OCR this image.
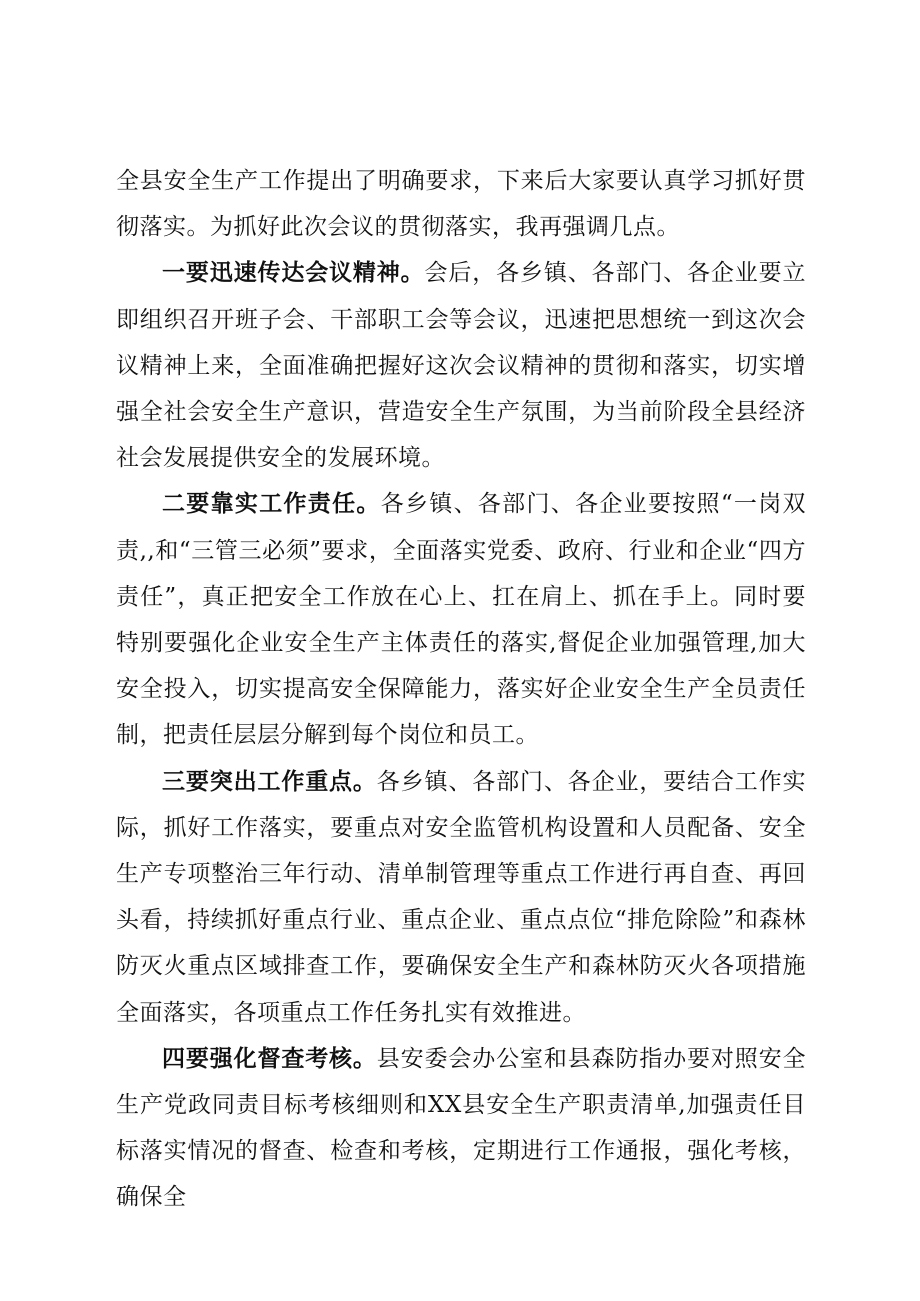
全县安全生产工作提出了明确要求，下来后大家要认真学习抓好贯彻落实。为抓好此次会议的贯彻落实，我再强调几点。

一要迅速传达会议精神。会后，各乡镇、各部门、各企业要立即组织召开班子会、干部职工会等会议，迅速把思想统一到这次会议精神上来，全面准确把握好这次会议精神的贯彻和落实，切实增强全社会安全生产意识，营造安全生产氛围，为当前阶段全县经济社会发展提供安全的发展环境。

二要靠实工作责任。各乡镇、各部门、各企业要按照“一岗双责,,和“三管三必须”要求，全面落实党委、政府、行业和企业“四方责任”，真正把安全工作放在心上、扛在肩上、抓在手上。同时要特别要强化企业安全生产主体责任的落实,督促企业加强管理,加大安全投入，切实提高安全保障能力，落实好企业安全生产全员责任制，把责任层层分解到每个岗位和员工。

三要突出工作重点。各乡镇、各部门、各企业，要结合工作实际，抓好工作落实，要重点对安全监管机构设置和人员配备、安全生产专项整治三年行动、清单制管理等重点工作进行再自查、再回头看，持续抓好重点行业、重点企业、重点点位“排危除险”和森林防灭火重点区域排查工作，要确保安全生产和森林防灭火各项措施全面落实，各项重点工作任务扎实有效推进。

四要强化督查考核。县安委会办公室和县森防指办要对照安全生产党政同责目标考核细则和XX县安全生产职责清单,加强责任目标落实情况的督查、检查和考核，定期进行工作通报，强化考核，确保全
